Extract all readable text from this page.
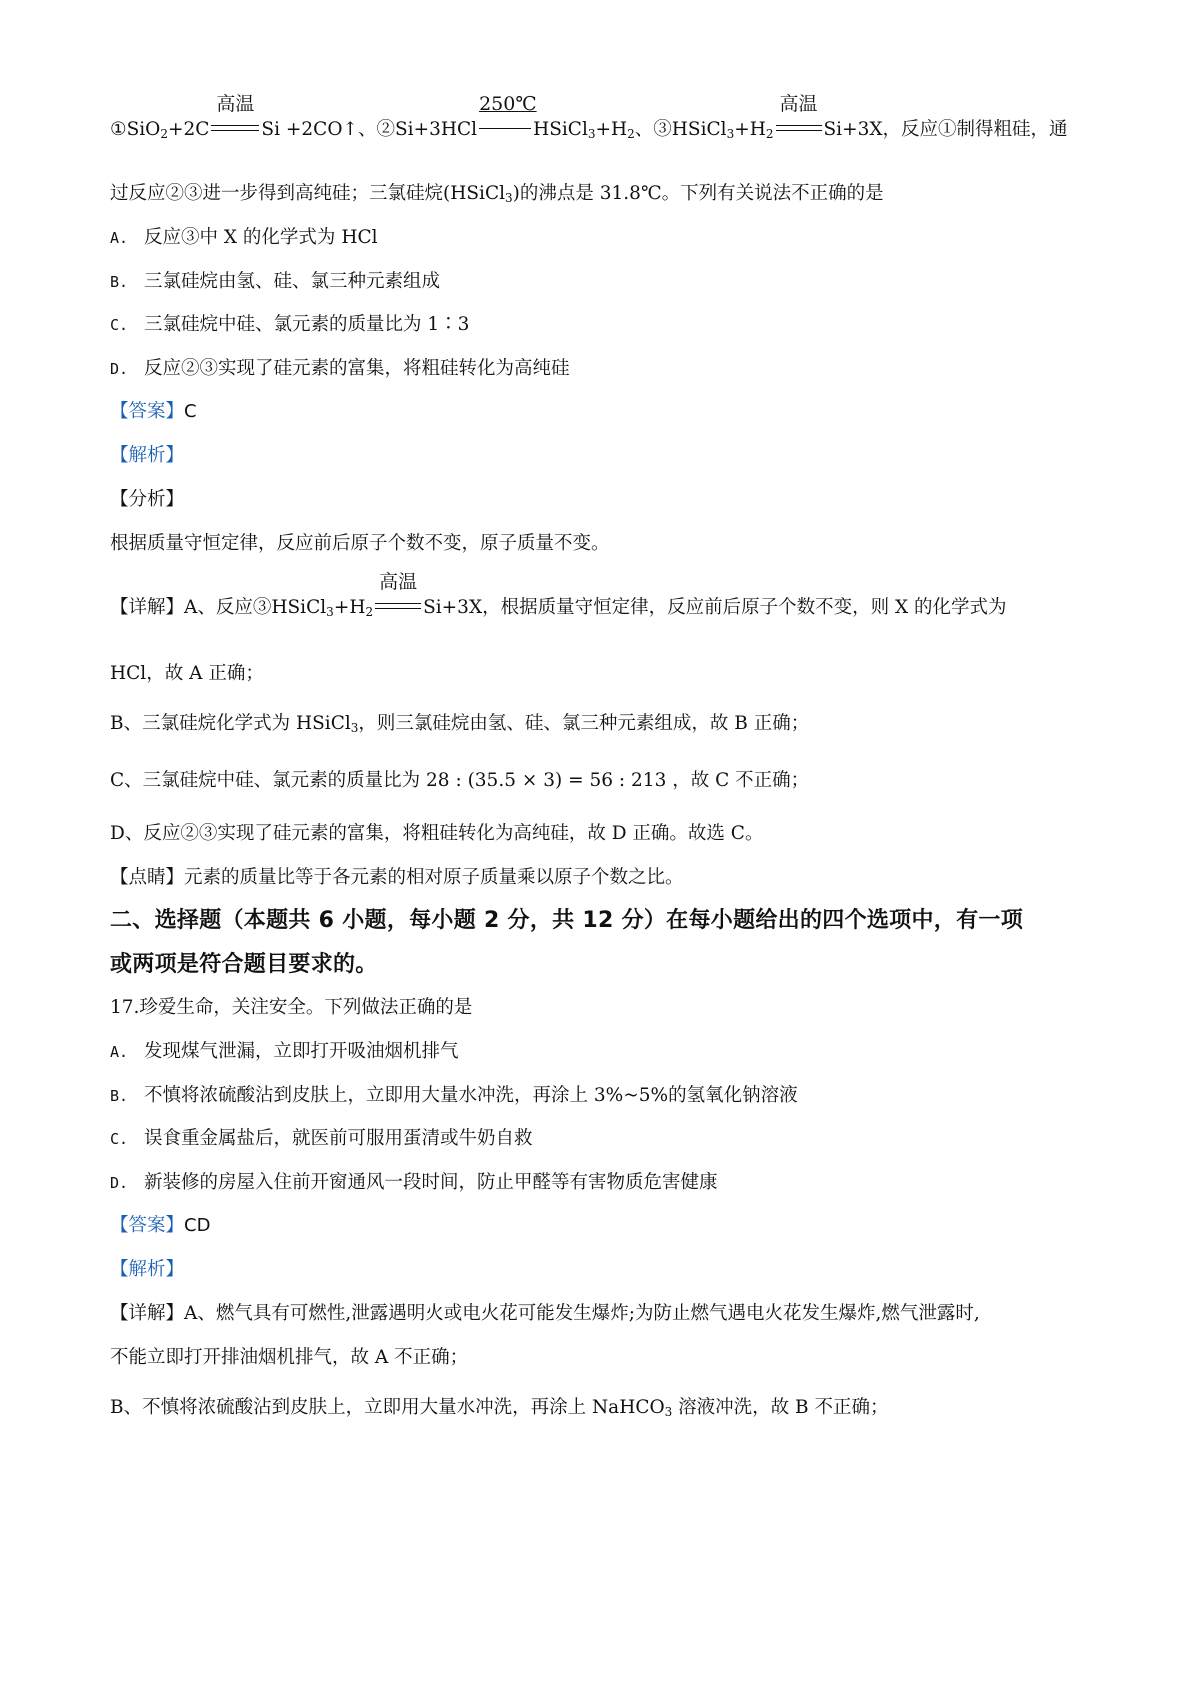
①SiO$_2$+2C
高温
Si +2CO↑、②Si+3HCl
250℃
$HSiCl_3+H_2$、$③HSiCl_3+H_2$
高温
Si+3X，反应①制得粗硅，通
过反应②③进一步得到高纯硅；三氯硅烷(HSiCl$_3$)的沸点是 31.8℃。下列有关说法不正确的是
A. 反应③中 X 的化学式为 HCl
B. 三氯硅烷由氢、硅、氯三种元素组成
C. 三氯硅烷中硅、氯元素的质量比为 1∶3
D. 反应②③实现了硅元素的富集，将粗硅转化为高纯硅
【答案】C
【解析】
【分析】
根据质量守恒定律，反应前后原子个数不变，原子质量不变。
【详解】A、反应$③HSiCl_3+H_2$
高温
Si+3X，根据质量守恒定律，反应前后原子个数不变，则 X 的化学式为
HCl，故 A 正确；
B、三氯硅烷化学式为 HSiCl$_3$，则三氯硅烷由氢、硅、氯三种元素组成，故 B 正确；
C、三氯硅烷中硅、氯元素的质量比为 28 : (35.5 × 3) = 56 : 213 ，故 C 不正确；
D、反应②③实现了硅元素的富集，将粗硅转化为高纯硅，故 D 正确。故选 C。
【点睛】元素的质量比等于各元素的相对原子质量乘以原子个数之比。
二、选择题（本题共 6 小题，每小题 2 分，共 12 分）在每小题给出的四个选项中，有一项
或两项是符合题目要求的。
17.珍爱生命，关注安全。下列做法正确的是
A. 发现煤气泄漏，立即打开吸油烟机排气
B. 不慎将浓硫酸沾到皮肤上，立即用大量水冲洗，再涂上 3%~5%的氢氧化钠溶液
C. 误食重金属盐后，就医前可服用蛋清或牛奶自救
D. 新装修的房屋入住前开窗通风一段时间，防止甲醛等有害物质危害健康
【答案】CD
【解析】
【详解】A、燃气具有可燃性,泄露遇明火或电火花可能发生爆炸;为防止燃气遇电火花发生爆炸,燃气泄露时,
不能立即打开排油烟机排气，故 A 不正确；
B、不慎将浓硫酸沾到皮肤上，立即用大量水冲洗，再涂上 NaHCO$_3$ 溶液冲洗，故 B 不正确；
